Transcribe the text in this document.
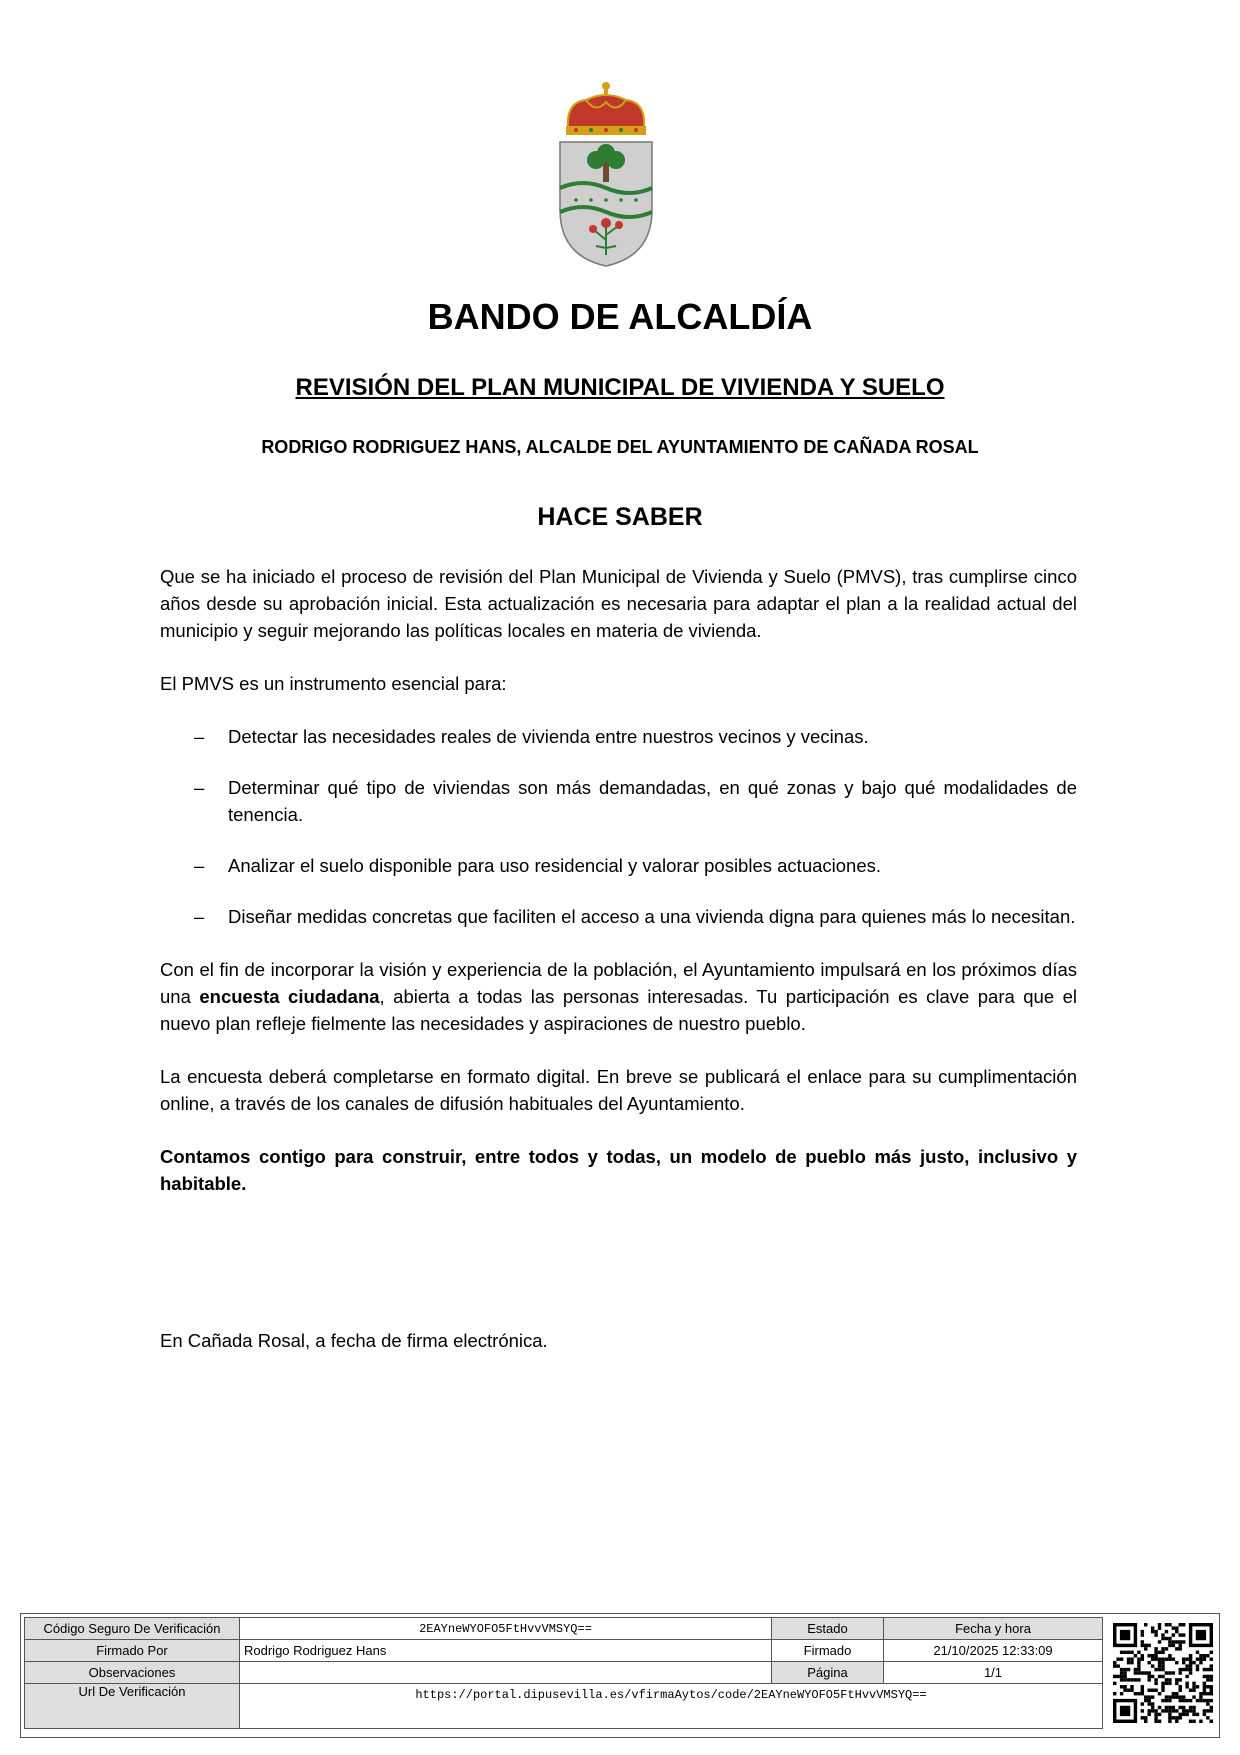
BANDO DE ALCALDÍA
REVISIÓN DEL PLAN MUNICIPAL DE VIVIENDA Y SUELO
RODRIGO RODRIGUEZ HANS, ALCALDE DEL AYUNTAMIENTO DE CAÑADA ROSAL
HACE SABER

Que se ha iniciado el proceso de revisión del Plan Municipal de Vivienda y Suelo (PMVS), tras cumplirse cinco años desde su aprobación inicial. Esta actualización es necesaria para adaptar el plan a la realidad actual del municipio y seguir mejorando las políticas locales en materia de vivienda.

El PMVS es un instrumento esencial para:

– Detectar las necesidades reales de vivienda entre nuestros vecinos y vecinas.
– Determinar qué tipo de viviendas son más demandadas, en qué zonas y bajo qué modalidades de tenencia.
– Analizar el suelo disponible para uso residencial y valorar posibles actuaciones.
– Diseñar medidas concretas que faciliten el acceso a una vivienda digna para quienes más lo necesitan.

Con el fin de incorporar la visión y experiencia de la población, el Ayuntamiento impulsará en los próximos días una encuesta ciudadana, abierta a todas las personas interesadas. Tu participación es clave para que el nuevo plan refleje fielmente las necesidades y aspiraciones de nuestro pueblo.

La encuesta deberá completarse en formato digital. En breve se publicará el enlace para su cumplimentación online, a través de los canales de difusión habituales del Ayuntamiento.

Contamos contigo para construir, entre todos y todas, un modelo de pueblo más justo, inclusivo y habitable.

En Cañada Rosal, a fecha de firma electrónica.
Código Seguro De Verificación	2EAYneWYOFO5FtHvvVMSYQ==	Estado	Fecha y hora
Firmado Por	Rodrigo Rodriguez Hans	Firmado	21/10/2025 12:33:09
Observaciones		Página	1/1
Url De Verificación	https://portal.dipusevilla.es/vfirmaAytos/code/2EAYneWYOFO5FtHvvVMSYQ==		
